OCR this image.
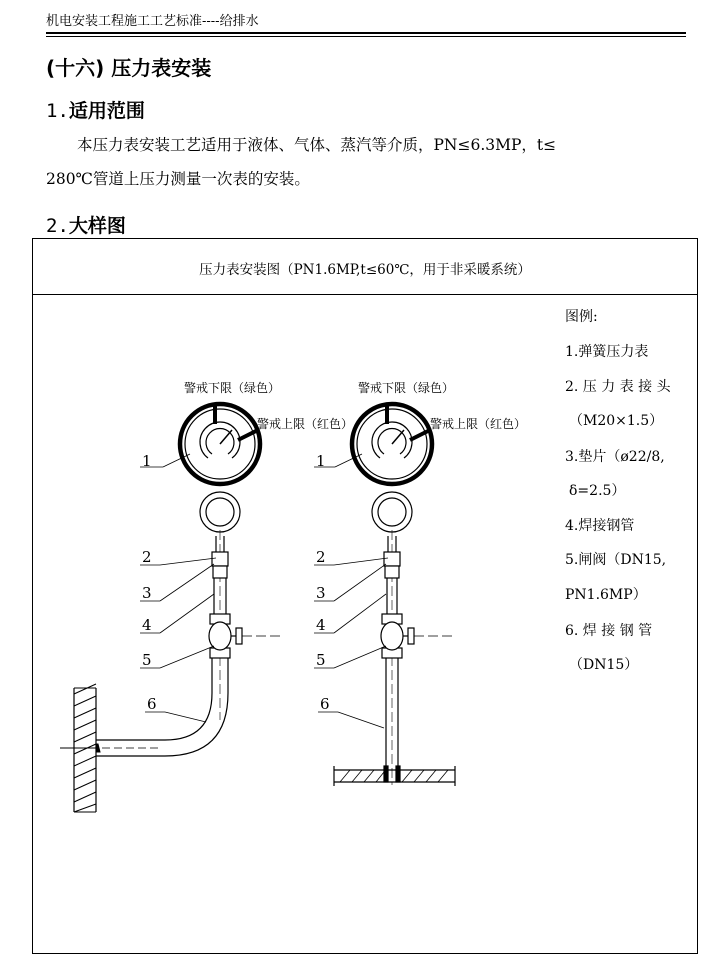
机电安装工程施工工艺标准----给排水
(十六) 压力表安装
1.适用范围
本压力表安装工艺适用于液体、气体、蒸汽等介质，PN≤6.3MP，t≤
280℃管道上压力测量一次表的安装。
2.大样图
压力表安装图（PN1.6MP,t≤60℃，用于非采暖系统）
警戒下限（绿色）
警戒上限（红色）
警戒下限（绿色）
警戒上限（红色）
1
2
3
4
5
6
1
2
3
4
5
6
图例:
1.弹簧压力表
2. 压 力 表 接 头
（M20×1.5）
3.垫片（ø22/8,
δ=2.5）
4.焊接钢管
5.闸阀（DN15,
PN1.6MP）
6. 焊 接 钢 管
（DN15）
